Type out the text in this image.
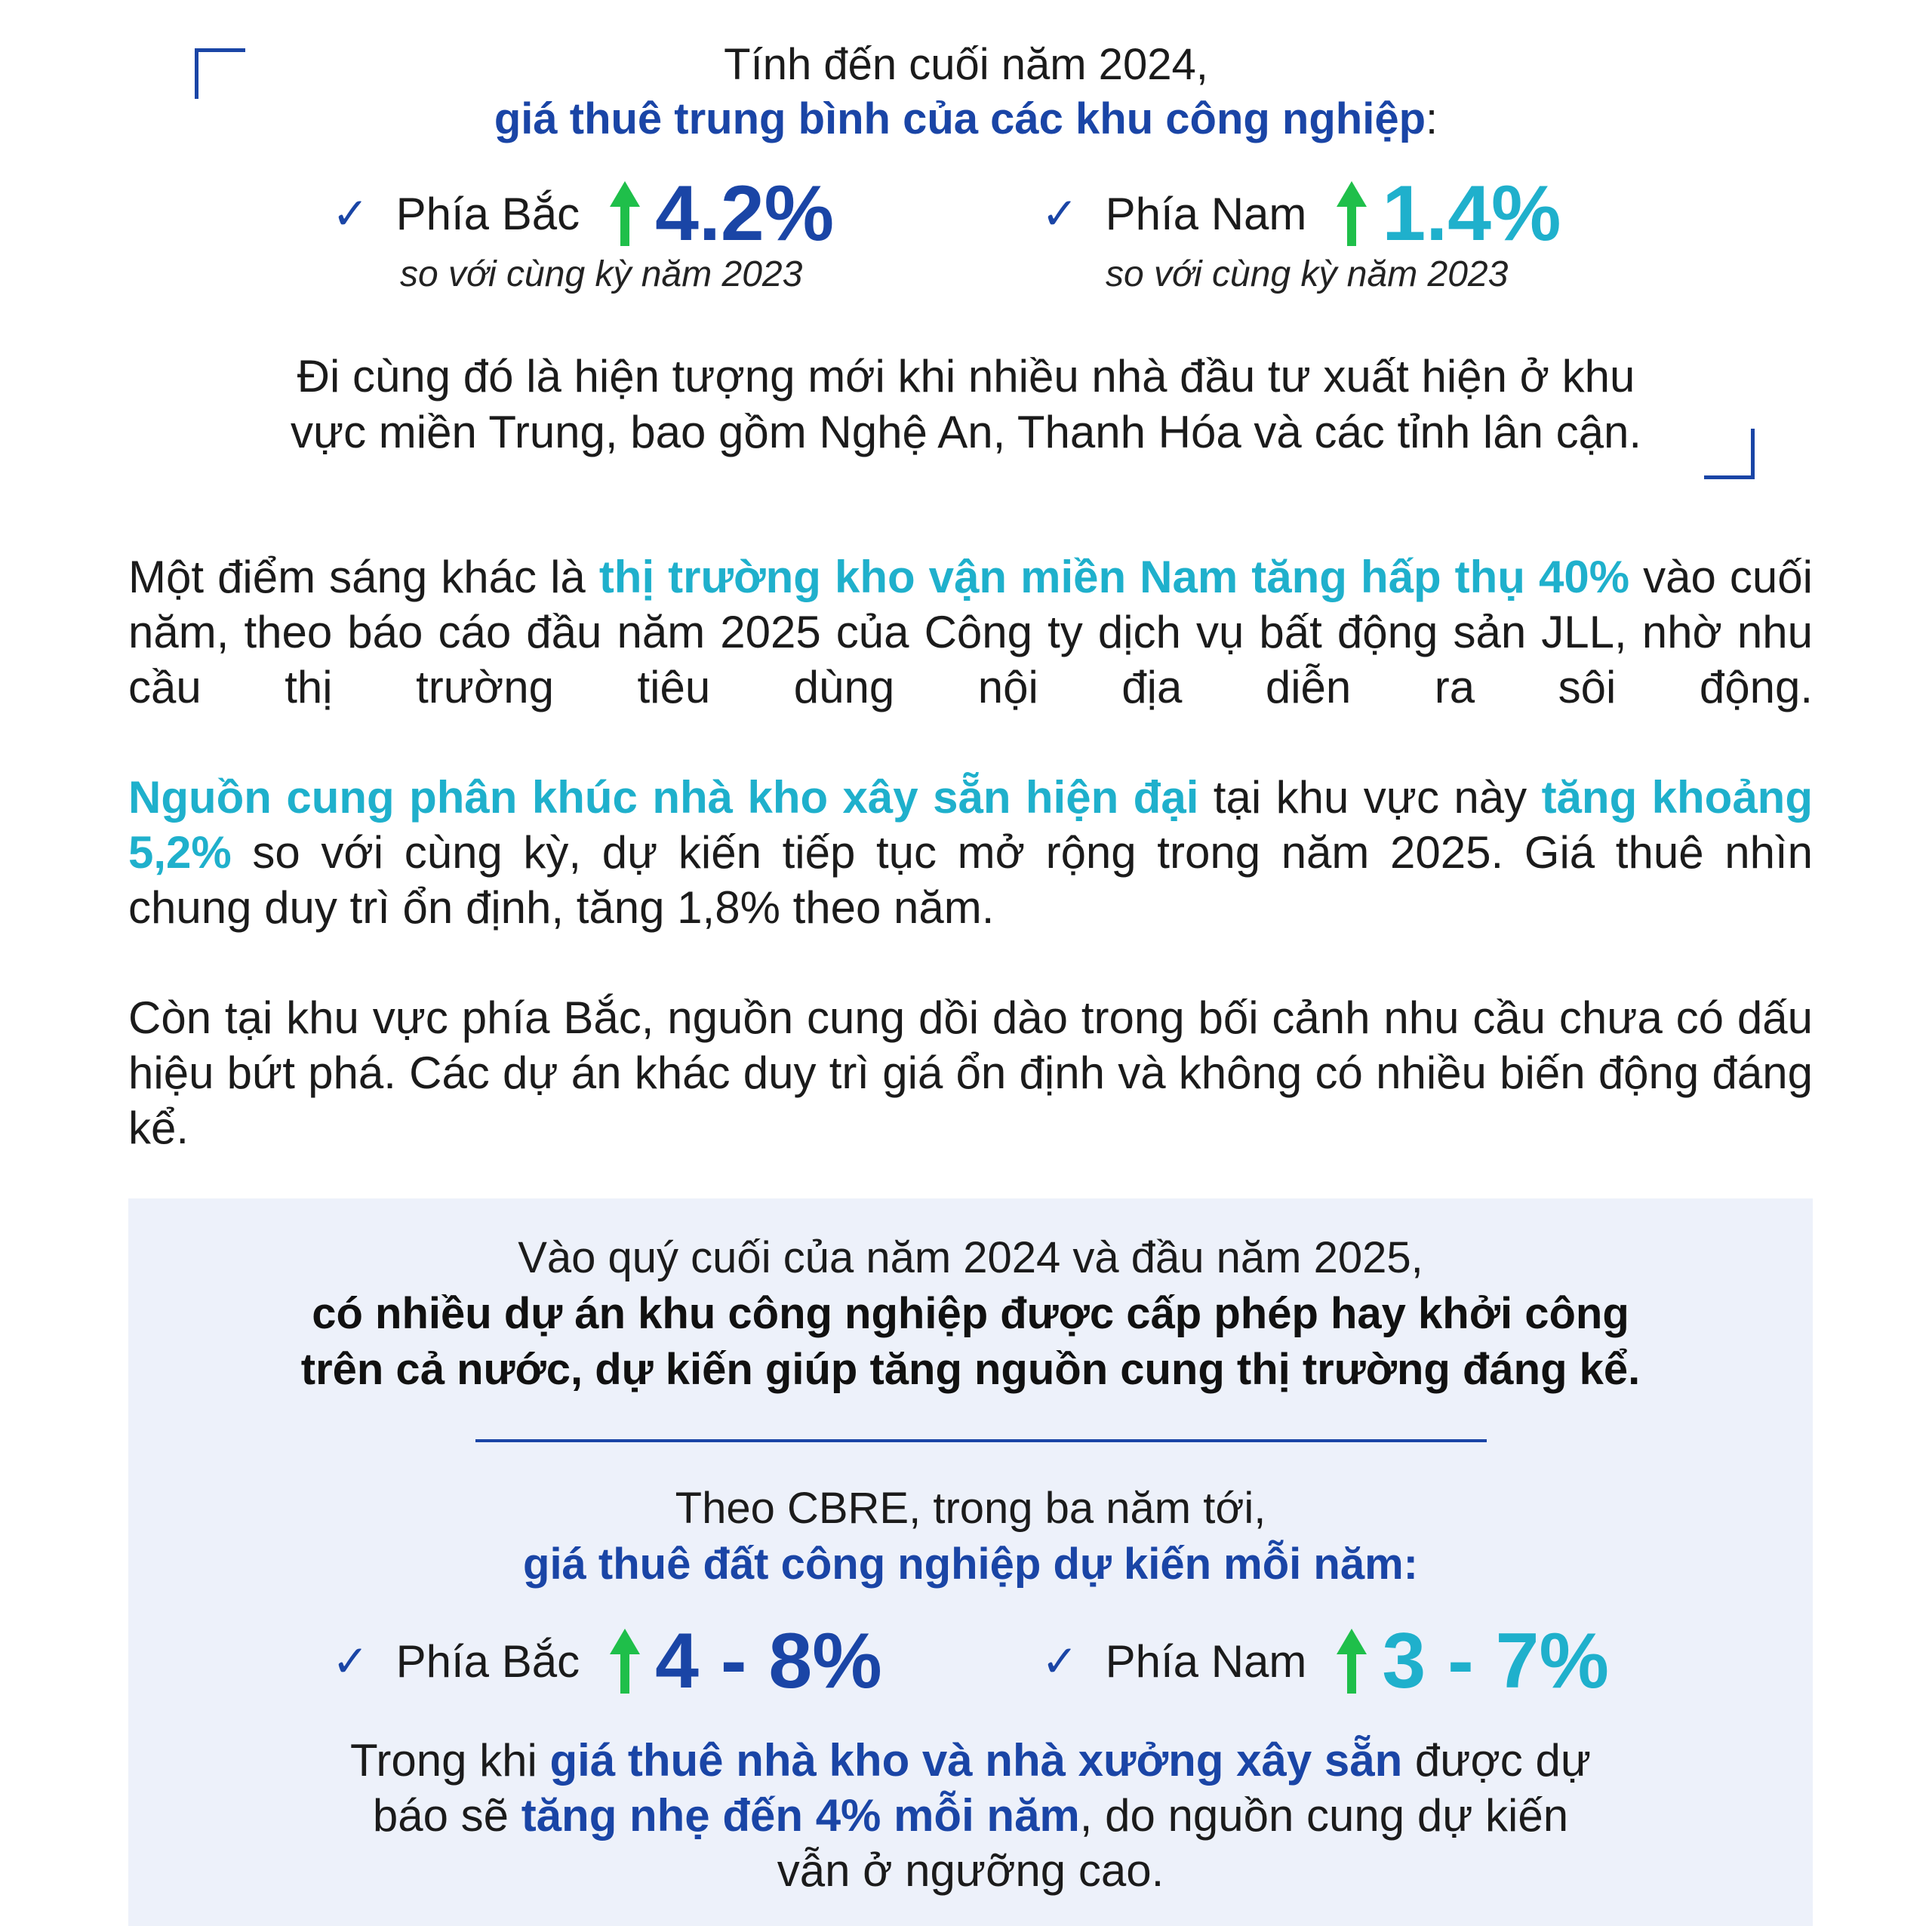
Tính đến cuối năm 2024,
giá thuê trung bình của các khu công nghiệp:
✓ Phía Bắc 4.2%
so với cùng kỳ năm 2023
✓ Phía Nam 1.4%
so với cùng kỳ năm 2023
Đi cùng đó là hiện tượng mới khi nhiều nhà đầu tư xuất hiện ở khu
vực miền Trung, bao gồm Nghệ An, Thanh Hóa và các tỉnh lân cận.
Một điểm sáng khác là thị trường kho vận miền Nam tăng hấp thụ 40% vào cuối năm, theo báo cáo đầu năm 2025 của Công ty dịch vụ bất động sản JLL, nhờ nhu cầu thị trường tiêu dùng nội địa diễn ra sôi động.
Nguồn cung phân khúc nhà kho xây sẵn hiện đại tại khu vực này tăng khoảng 5,2% so với cùng kỳ, dự kiến tiếp tục mở rộng trong năm 2025. Giá thuê nhìn chung duy trì ổn định, tăng 1,8% theo năm.
Còn tại khu vực phía Bắc, nguồn cung dồi dào trong bối cảnh nhu cầu chưa có dấu hiệu bứt phá. Các dự án khác duy trì giá ổn định và không có nhiều biến động đáng kể.
Vào quý cuối của năm 2024 và đầu năm 2025,
có nhiều dự án khu công nghiệp được cấp phép hay khởi công
trên cả nước, dự kiến giúp tăng nguồn cung thị trường đáng kể.
Theo CBRE, trong ba năm tới,
giá thuê đất công nghiệp dự kiến mỗi năm:
✓ Phía Bắc 4 - 8%	✓ Phía Nam 3 - 7%
Trong khi giá thuê nhà kho và nhà xưởng xây sẵn được dự
báo sẽ tăng nhẹ đến 4% mỗi năm, do nguồn cung dự kiến
vẫn ở ngưỡng cao.
